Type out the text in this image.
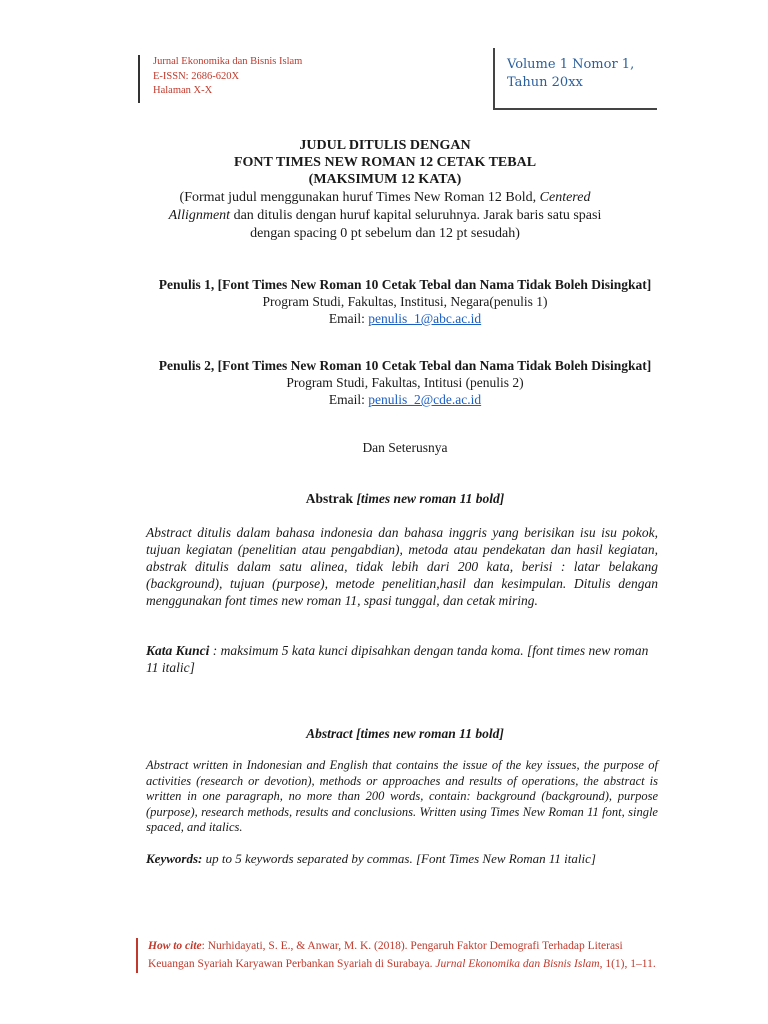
Jurnal Ekonomika dan Bisnis Islam
E-ISSN: 2686-620X
Halaman X-X
Volume 1 Nomor 1,
Tahun 20xx
JUDUL DITULIS DENGAN
FONT TIMES NEW ROMAN 12 CETAK TEBAL
(MAKSIMUM 12 KATA)
(Format judul menggunakan huruf Times New Roman 12 Bold, Centered Allignment dan ditulis dengan huruf kapital seluruhnya. Jarak baris satu spasi dengan spacing 0 pt sebelum dan 12 pt sesudah)
Penulis 1, [Font Times New Roman 10 Cetak Tebal dan Nama Tidak Boleh Disingkat]
Program Studi, Fakultas, Institusi, Negara(penulis 1)
Email: penulis_1@abc.ac.id
Penulis 2, [Font Times New Roman 10 Cetak Tebal dan Nama Tidak Boleh Disingkat]
Program Studi, Fakultas, Intitusi (penulis 2)
Email: penulis_2@cde.ac.id
Dan Seterusnya
Abstrak [times new roman 11 bold]
Abstract ditulis dalam bahasa indonesia dan bahasa inggris yang berisikan isu isu pokok, tujuan kegiatan (penelitian atau pengabdian), metoda atau pendekatan dan hasil kegiatan, abstrak ditulis dalam satu alinea, tidak lebih dari 200 kata, berisi : latar belakang (background), tujuan (purpose), metode penelitian,hasil dan kesimpulan. Ditulis dengan menggunakan font times new roman 11, spasi tunggal, dan cetak miring.
Kata Kunci : maksimum 5 kata kunci dipisahkan dengan tanda koma. [font times new roman 11 italic]
Abstract [times new roman 11 bold]
Abstract written in Indonesian and English that contains the issue of the key issues, the purpose of activities (research or devotion), methods or approaches and results of operations, the abstract is written in one paragraph, no more than 200 words, contain: background (background), purpose (purpose), research methods, results and conclusions. Written using Times New Roman 11 font, single spaced, and italics.
Keywords: up to 5 keywords separated by commas. [Font Times New Roman 11 italic]
How to cite: Nurhidayati, S. E., & Anwar, M. K. (2018). Pengaruh Faktor Demografi Terhadap Literasi Keuangan Syariah Karyawan Perbankan Syariah di Surabaya. Jurnal Ekonomika dan Bisnis Islam, 1(1), 1–11.
